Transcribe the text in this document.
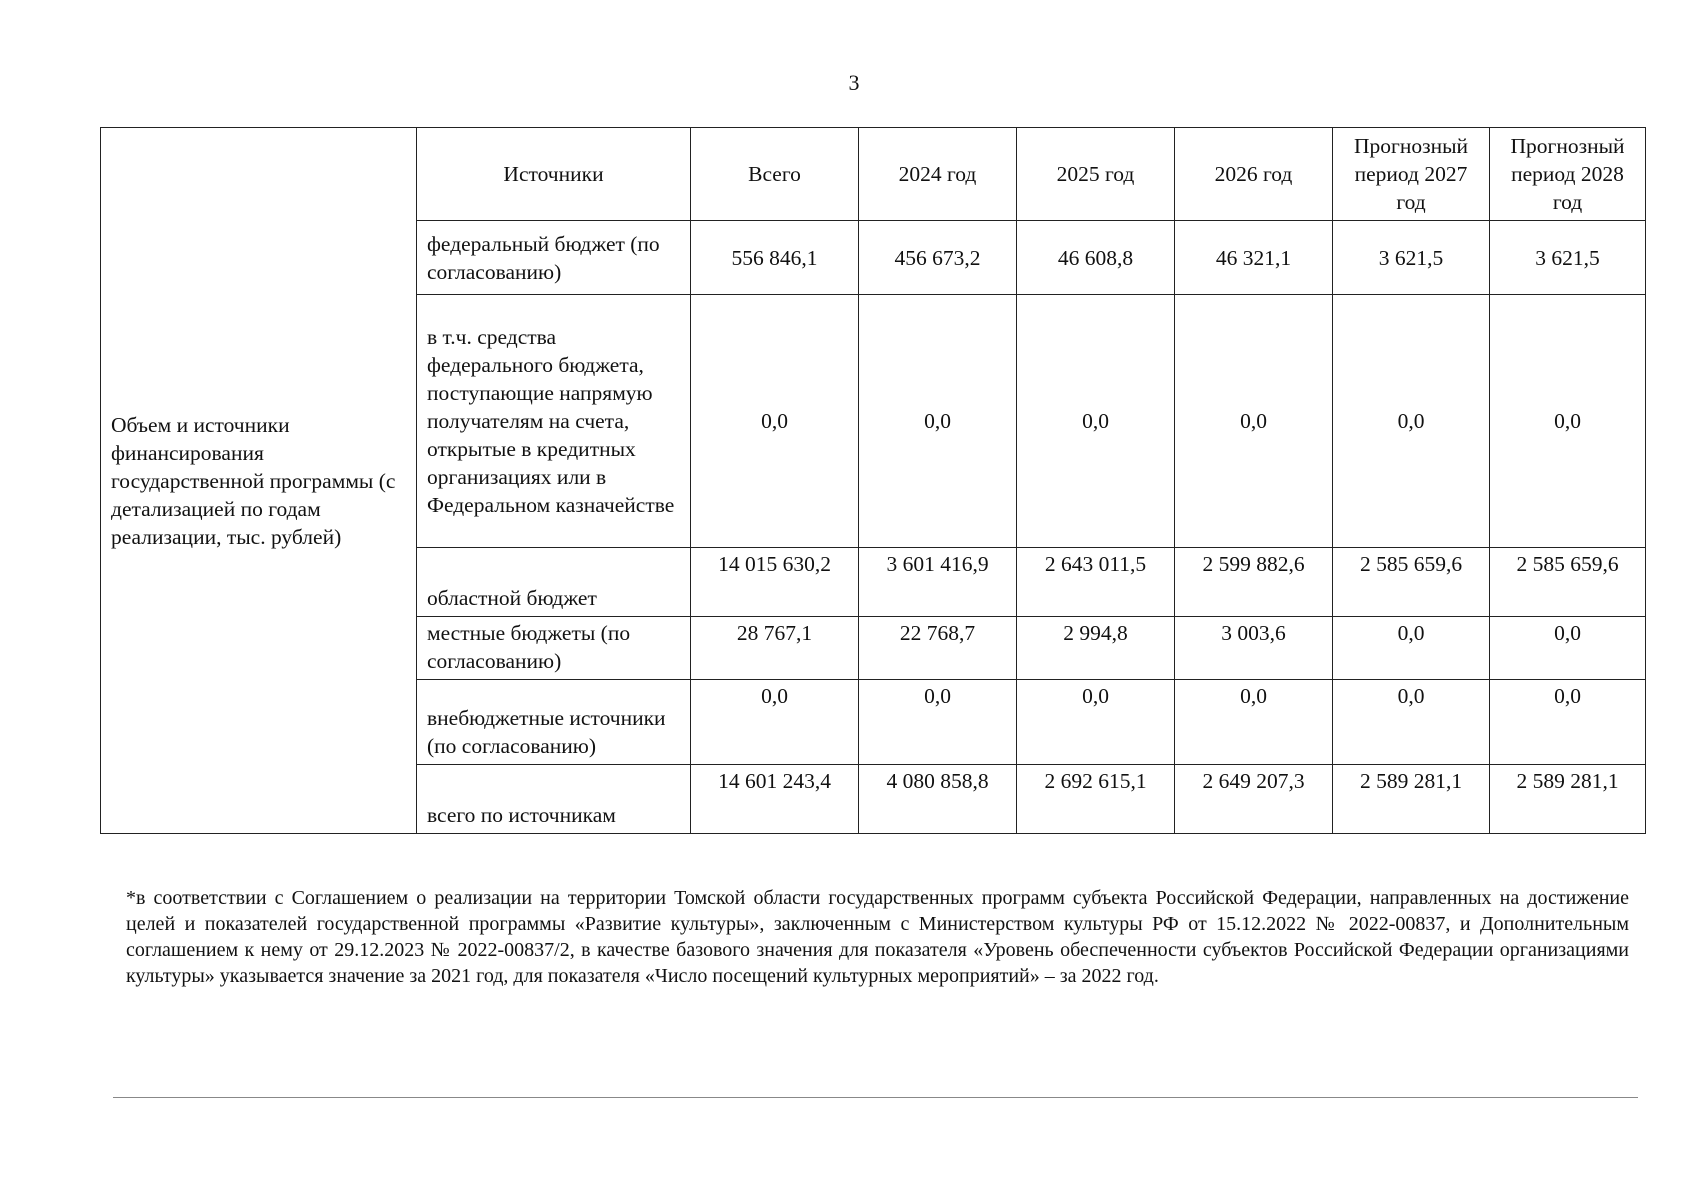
3
Объем и источники финансирования государственной программы (с детализацией по годам реализации, тыс. рублей)	Источники	Всего	2024 год	2025 год	2026 год	Прогнозный период 2027 год	Прогнозный период 2028 год
	федеральный бюджет (по согласованию)	556 846,1	456 673,2	46 608,8	46 321,1	3 621,5	3 621,5
	в т.ч. средства федерального бюджета, поступающие напрямую получателям на счета, открытые в кредитных организациях или в Федеральном казначействе	0,0	0,0	0,0	0,0	0,0	0,0
	областной бюджет	14 015 630,2	3 601 416,9	2 643 011,5	2 599 882,6	2 585 659,6	2 585 659,6
	местные бюджеты (по согласованию)	28 767,1	22 768,7	2 994,8	3 003,6	0,0	0,0
	внебюджетные источники (по согласованию)	0,0	0,0	0,0	0,0	0,0	0,0
	всего по источникам	14 601 243,4	4 080 858,8	2 692 615,1	2 649 207,3	2 589 281,1	2 589 281,1
*в соответствии с Соглашением о реализации на территории Томской области государственных программ субъекта Российской Федерации, направленных на достижение целей и показателей государственной программы «Развитие культуры», заключенным с Министерством культуры РФ от 15.12.2022 № 2022-00837, и Дополнительным соглашением к нему от 29.12.2023 № 2022-00837/2, в качестве базового значения для показателя «Уровень обеспеченности субъектов Российской Федерации организациями культуры» указывается значение за 2021 год, для показателя «Число посещений культурных мероприятий» – за 2022 год.
